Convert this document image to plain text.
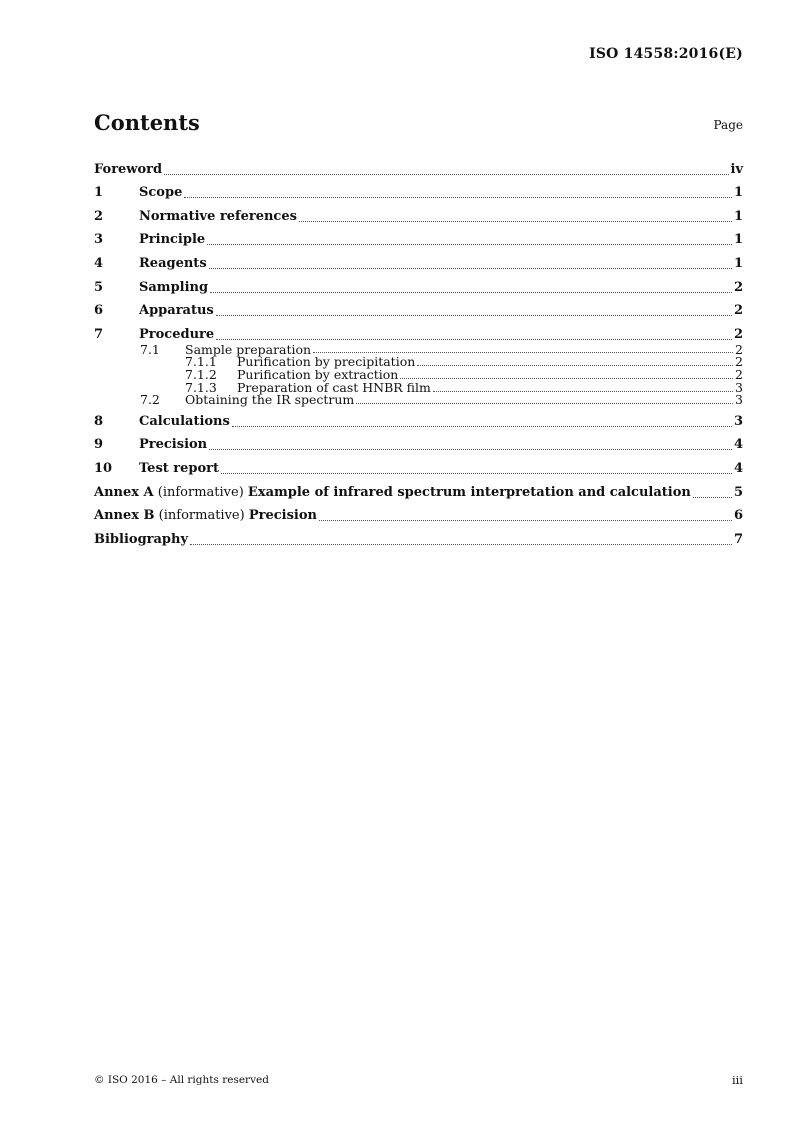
ISO 14558:2016(E)
Contents	Page
Foreword	iv
1	Scope	1
2	Normative references	1
3	Principle	1
4	Reagents	1
5	Sampling	2
6	Apparatus	2
7	Procedure	2
7.1	Sample preparation	2
7.1.1	Purification by precipitation	2
7.1.2	Purification by extraction	2
7.1.3	Preparation of cast HNBR film	3
7.2	Obtaining the IR spectrum	3
8	Calculations	3
9	Precision	4
10	Test report	4
Annex A (informative) Example of infrared spectrum interpretation and calculation	5
Annex B (informative) Precision	6
Bibliography	7
© ISO 2016 – All rights reserved	iii
